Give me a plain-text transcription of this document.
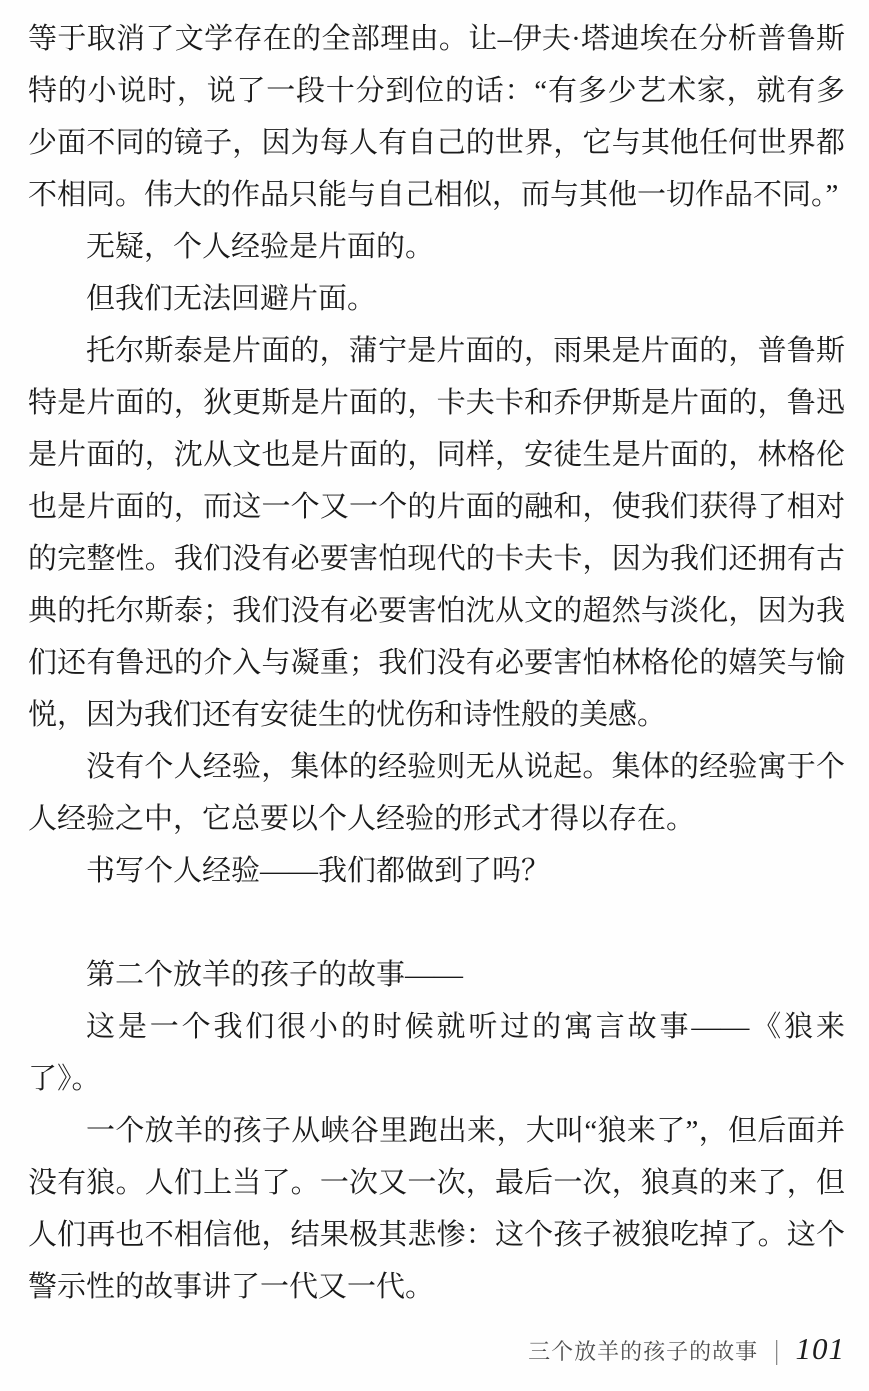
等于取消了文学存在的全部理由。让–伊夫·塔迪埃在分析普鲁斯特的小说时，说了一段十分到位的话：“有多少艺术家，就有多少面不同的镜子，因为每人有自己的世界，它与其他任何世界都不相同。伟大的作品只能与自己相似，而与其他一切作品不同。”

无疑，个人经验是片面的。

但我们无法回避片面。

托尔斯泰是片面的，蒲宁是片面的，雨果是片面的，普鲁斯特是片面的，狄更斯是片面的，卡夫卡和乔伊斯是片面的，鲁迅是片面的，沈从文也是片面的，同样，安徒生是片面的，林格伦也是片面的，而这一个又一个的片面的融和，使我们获得了相对的完整性。我们没有必要害怕现代的卡夫卡，因为我们还拥有古典的托尔斯泰；我们没有必要害怕沈从文的超然与淡化，因为我们还有鲁迅的介入与凝重；我们没有必要害怕林格伦的嬉笑与愉悦，因为我们还有安徒生的忧伤和诗性般的美感。

没有个人经验，集体的经验则无从说起。集体的经验寓于个人经验之中，它总要以个人经验的形式才得以存在。

书写个人经验——我们都做到了吗？

第二个放羊的孩子的故事——

这是一个我们很小的时候就听过的寓言故事——《狼来了》。

一个放羊的孩子从峡谷里跑出来，大叫“狼来了”，但后面并没有狼。人们上当了。一次又一次，最后一次，狼真的来了，但人们再也不相信他，结果极其悲惨：这个孩子被狼吃掉了。这个警示性的故事讲了一代又一代。

三个放羊的孩子的故事 | 101
